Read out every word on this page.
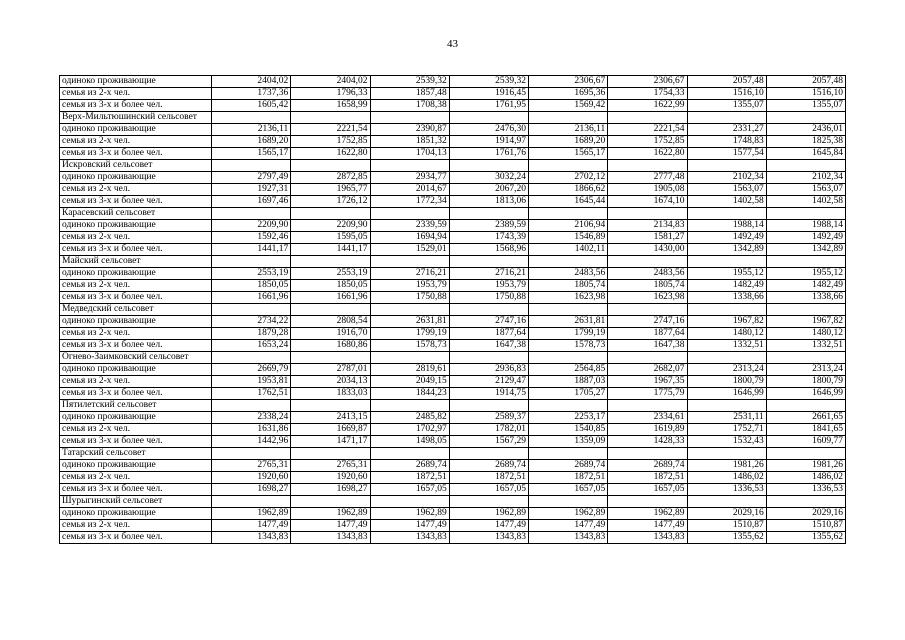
43
одиноко проживающие	2404,02	2404,02	2539,32	2539,32	2306,67	2306,67	2057,48	2057,48
семья из 2-х чел.	1737,36	1796,33	1857,48	1916,45	1695,36	1754,33	1516,10	1516,10
семья из 3-х и более чел.	1605,42	1658,99	1708,38	1761,95	1569,42	1622,99	1355,07	1355,07
Верх-Мильтюшинский сельсовет								
одиноко проживающие	2136,11	2221,54	2390,87	2476,30	2136,11	2221,54	2331,27	2436,01
семья из 2-х чел.	1689,20	1752,85	1851,32	1914,97	1689,20	1752,85	1748,83	1825,38
семья из 3-х и более чел.	1565,17	1622,80	1704,13	1761,76	1565,17	1622,80	1577,54	1645,84
Искровский сельсовет								
одиноко проживающие	2797,49	2872,85	2934,77	3032,24	2702,12	2777,48	2102,34	2102,34
семья из 2-х чел.	1927,31	1965,77	2014,67	2067,20	1866,62	1905,08	1563,07	1563,07
семья из 3-х и более чел.	1697,46	1726,12	1772,34	1813,06	1645,44	1674,10	1402,58	1402,58
Карасевский сельсовет								
одиноко проживающие	2209,90	2209,90	2339,59	2389,59	2106,94	2134,83	1988,14	1988,14
семья из 2-х чел.	1592,46	1595,05	1694,94	1743,39	1546,89	1581,27	1492,49	1492,49
семья из 3-х и более чел.	1441,17	1441,17	1529,01	1568,96	1402,11	1430,00	1342,89	1342,89
Майский сельсовет								
одиноко проживающие	2553,19	2553,19	2716,21	2716,21	2483,56	2483,56	1955,12	1955,12
семья из 2-х чел.	1850,05	1850,05	1953,79	1953,79	1805,74	1805,74	1482,49	1482,49
семья из 3-х и более чел.	1661,96	1661,96	1750,88	1750,88	1623,98	1623,98	1338,66	1338,66
Медведский сельсовет								
одиноко проживающие	2734,22	2808,54	2631,81	2747,16	2631,81	2747,16	1967,82	1967,82
семья из 2-х чел.	1879,28	1916,70	1799,19	1877,64	1799,19	1877,64	1480,12	1480,12
семья из 3-х и более чел.	1653,24	1680,86	1578,73	1647,38	1578,73	1647,38	1332,51	1332,51
Огнево-Заимковский сельсовет								
одиноко проживающие	2669,79	2787,01	2819,61	2936,83	2564,85	2682,07	2313,24	2313,24
семья из 2-х чел.	1953,81	2034,13	2049,15	2129,47	1887,03	1967,35	1800,79	1800,79
семья из 3-х и более чел.	1762,51	1833,03	1844,23	1914,75	1705,27	1775,79	1646,99	1646,99
Пятилетский сельсовет								
одиноко проживающие	2338,24	2413,15	2485,82	2589,37	2253,17	2334,61	2531,11	2661,65
семья из 2-х чел.	1631,86	1669,87	1702,97	1782,01	1540,85	1619,89	1752,71	1841,65
семья из 3-х и более чел.	1442,96	1471,17	1498,05	1567,29	1359,09	1428,33	1532,43	1609,77
Татарский сельсовет								
одиноко проживающие	2765,31	2765,31	2689,74	2689,74	2689,74	2689,74	1981,26	1981,26
семья из 2-х чел.	1920,60	1920,60	1872,51	1872,51	1872,51	1872,51	1486,02	1486,02
семья из 3-х и более чел.	1698,27	1698,27	1657,05	1657,05	1657,05	1657,05	1336,53	1336,53
Шурыгинский сельсовет								
одиноко проживающие	1962,89	1962,89	1962,89	1962,89	1962,89	1962,89	2029,16	2029,16
семья из 2-х чел.	1477,49	1477,49	1477,49	1477,49	1477,49	1477,49	1510,87	1510,87
семья из 3-х и более чел.	1343,83	1343,83	1343,83	1343,83	1343,83	1343,83	1355,62	1355,62
